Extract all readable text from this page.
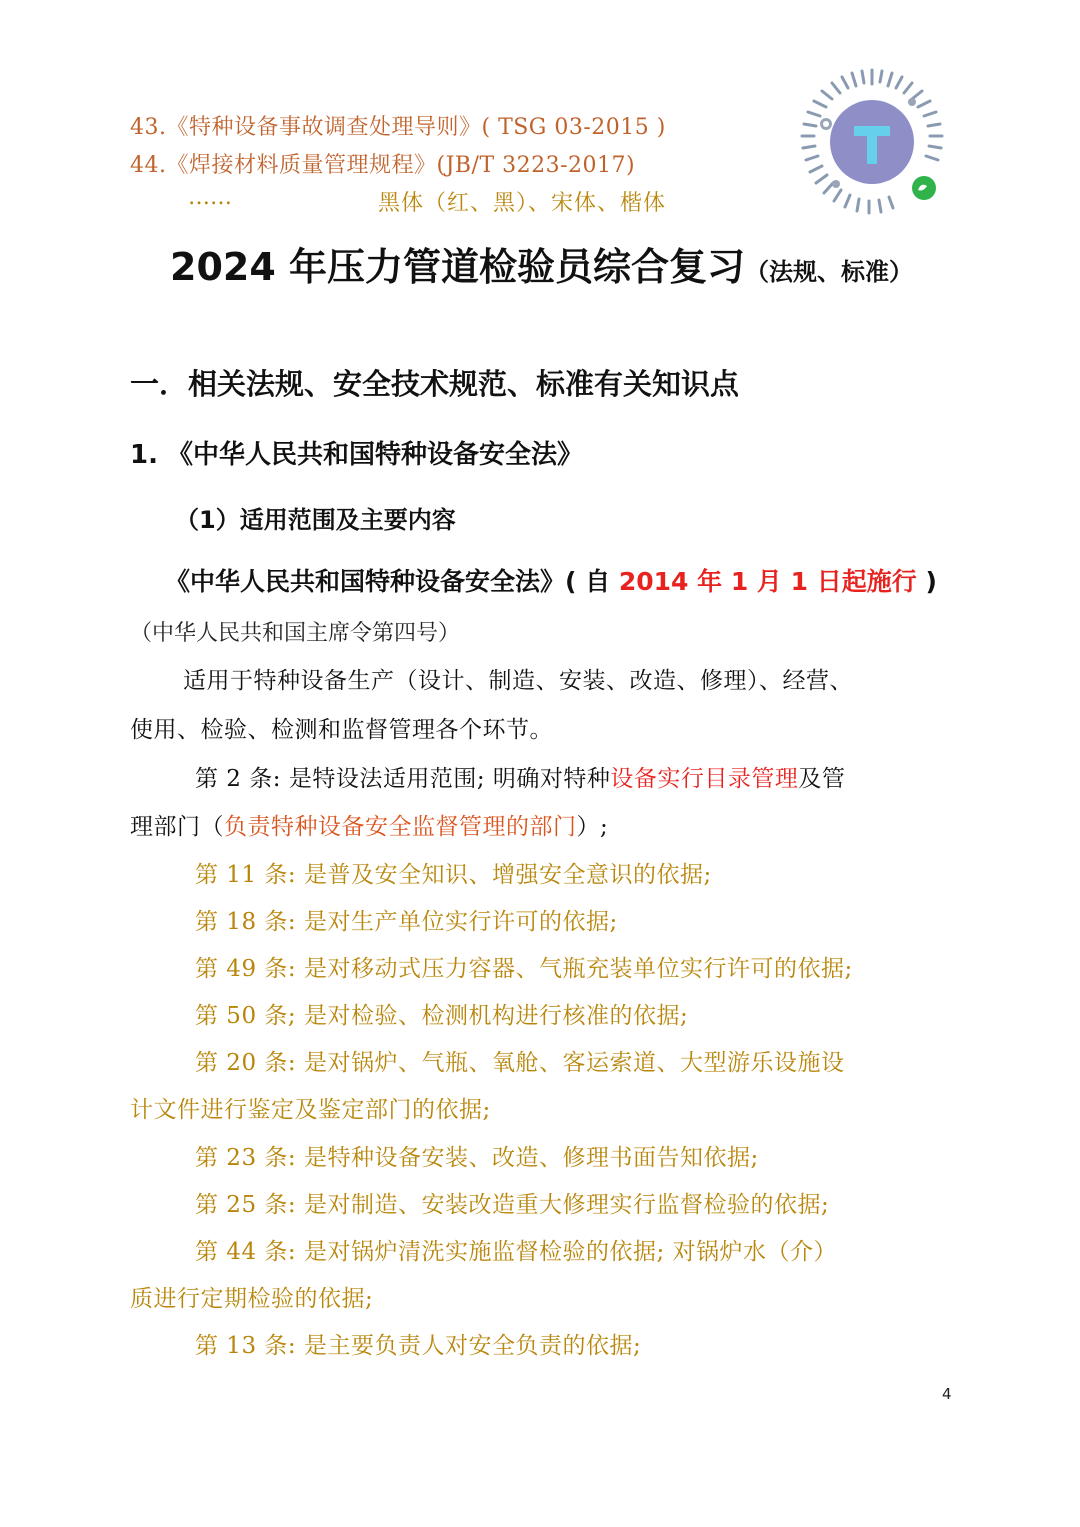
43.《特种设备事故调查处理导则》( TSG 03-2015 )
44.《焊接材料质量管理规程》(JB/T 3223-2017)
……	黑体（红、黑）、宋体、楷体
2024 年压力管道检验员综合复习（法规、标准）
一．相关法规、安全技术规范、标准有关知识点
1. 《中华人民共和国特种设备安全法》
（1）适用范围及主要内容
《中华人民共和国特种设备安全法》( 自 2014 年 1 月 1 日起施行 )
（中华人民共和国主席令第四号）
适用于特种设备生产（设计、制造、安装、改造、修理）、经营、
使用、检验、检测和监督管理各个环节。
第 2 条: 是特设法适用范围; 明确对特种设备实行目录管理及管
理部门（负责特种设备安全监督管理的部门）;
第 11 条: 是普及安全知识、增强安全意识的依据;
第 18 条: 是对生产单位实行许可的依据;
第 49 条: 是对移动式压力容器、气瓶充装单位实行许可的依据;
第 50 条; 是对检验、检测机构进行核准的依据;
第 20 条: 是对锅炉、气瓶、氧舱、客运索道、大型游乐设施设
计文件进行鉴定及鉴定部门的依据;
第 23 条: 是特种设备安装、改造、修理书面告知依据;
第 25 条: 是对制造、安装改造重大修理实行监督检验的依据;
第 44 条: 是对锅炉清洗实施监督检验的依据; 对锅炉水（介）
质进行定期检验的依据;
第 13 条: 是主要负责人对安全负责的依据;
4
